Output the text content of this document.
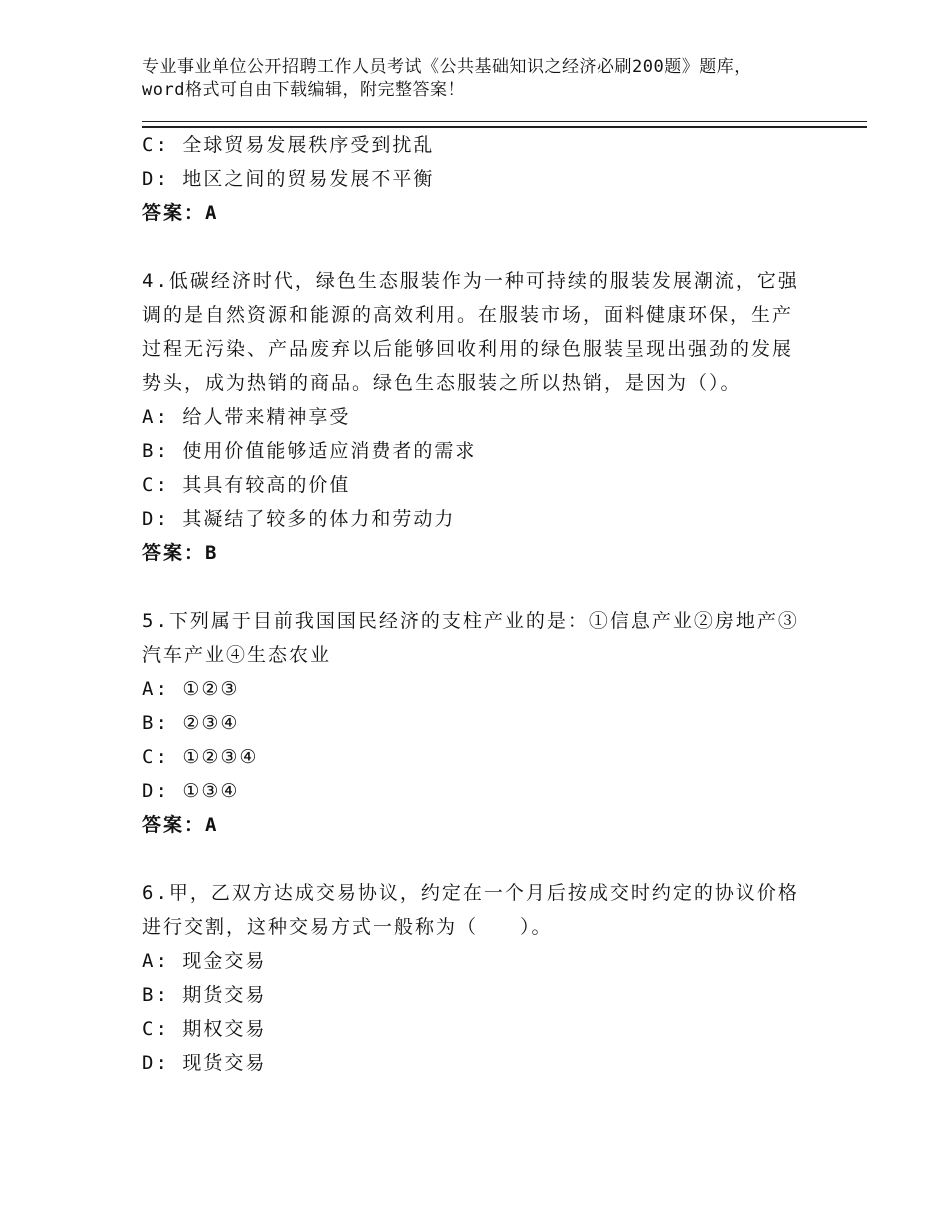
专业事业单位公开招聘工作人员考试《公共基础知识之经济必刷200题》题库，word格式可自由下载编辑，附完整答案！
C: 全球贸易发展秩序受到扰乱
D: 地区之间的贸易发展不平衡
答案：A
4.低碳经济时代，绿色生态服装作为一种可持续的服装发展潮流，它强调的是自然资源和能源的高效利用。在服装市场，面料健康环保，生产过程无污染、产品废弃以后能够回收利用的绿色服装呈现出强劲的发展势头，成为热销的商品。绿色生态服装之所以热销，是因为（）。
A: 给人带来精神享受
B: 使用价值能够适应消费者的需求
C: 其具有较高的价值
D: 其凝结了较多的体力和劳动力
答案：B
5.下列属于目前我国国民经济的支柱产业的是：①信息产业②房地产③汽车产业④生态农业
A: ①②③
B: ②③④
C: ①②③④
D: ①③④
答案：A
6.甲，乙双方达成交易协议，约定在一个月后按成交时约定的协议价格进行交割，这种交易方式一般称为（　　）。
A: 现金交易
B: 期货交易
C: 期权交易
D: 现货交易
